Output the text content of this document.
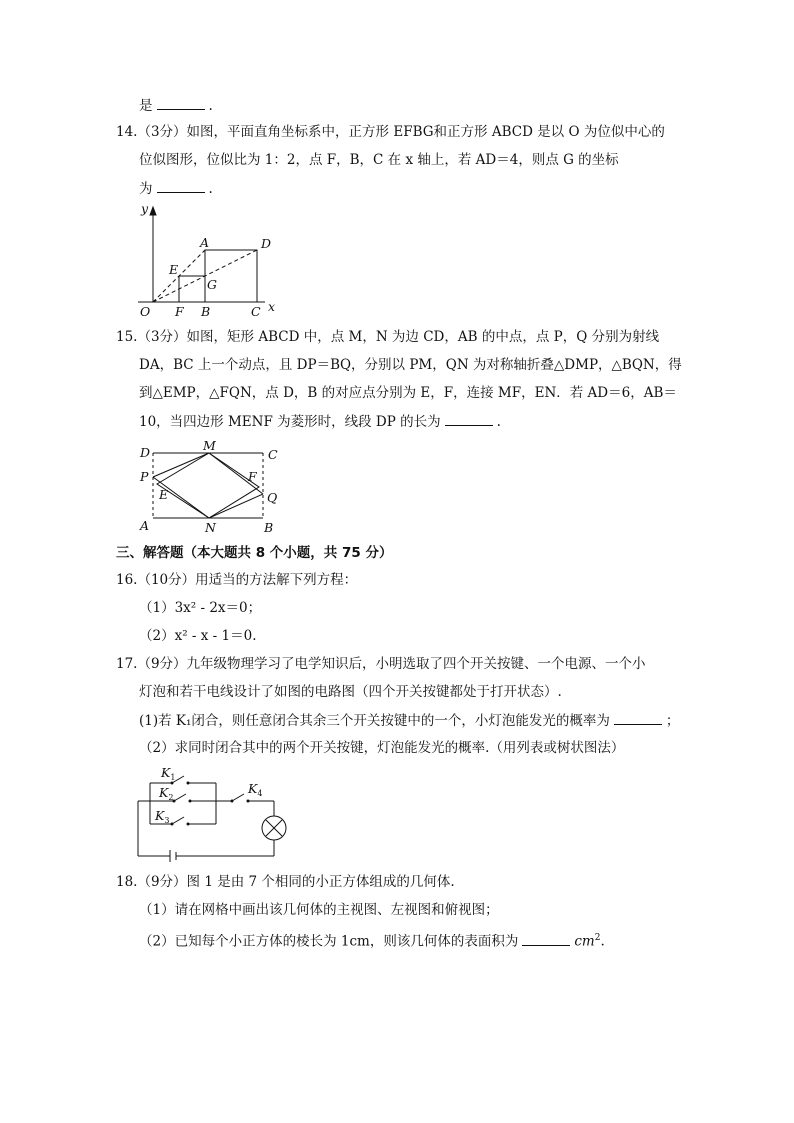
是	.
14.（3分）如图，平面直角坐标系中，正方形 EFBG和正方形 ABCD 是以 O 为位似中心的
位似图形，位似比为 1：2，点 F，B，C 在 x 轴上，若 AD＝4，则点 G 的坐标
为	.
y
x
A	D
E
G
O F B	C
15.（3分）如图，矩形 ABCD 中，点 M，N 为边 CD，AB 的中点，点 P，Q 分别为射线
DA，BC 上一个动点，且 DP＝BQ，分别以 PM，QN 为对称轴折叠△DMP，△BQN，得
到△EMP，△FQN，点 D，B 的对应点分别为 E，F，连接 MF，EN．若 AD＝6，AB＝
10，当四边形 MENF 为菱形时，线段 DP 的长为	.
D	M
C
P	F
E	Q
A	N	B
三、解答题（本大题共 8 个小题，共 75 分）
16.（10分）用适当的方法解下列方程：
（1）3x² - 2x＝0；
（2）x² - x - 1＝0.
17.（9分）九年级物理学习了电学知识后，小明选取了四个开关按键、一个电源、一个小
灯泡和若干电线设计了如图的电路图（四个开关按键都处于打开状态）.
(1)若 K₁闭合，则任意闭合其余三个开关按键中的一个，小灯泡能发光的概率为	；
（2）求同时闭合其中的两个开关按键，灯泡能发光的概率.（用列表或树状图法）
$K_1$
$K_2$
$K_3$
$K_4$
18.（9分）图 1 是由 7 个相同的小正方体组成的几何体.
（1）请在网格中画出该几何体的主视图、左视图和俯视图；
（2）已知每个小正方体的棱长为 1cm，则该几何体的表面积为	$cm^2$.
